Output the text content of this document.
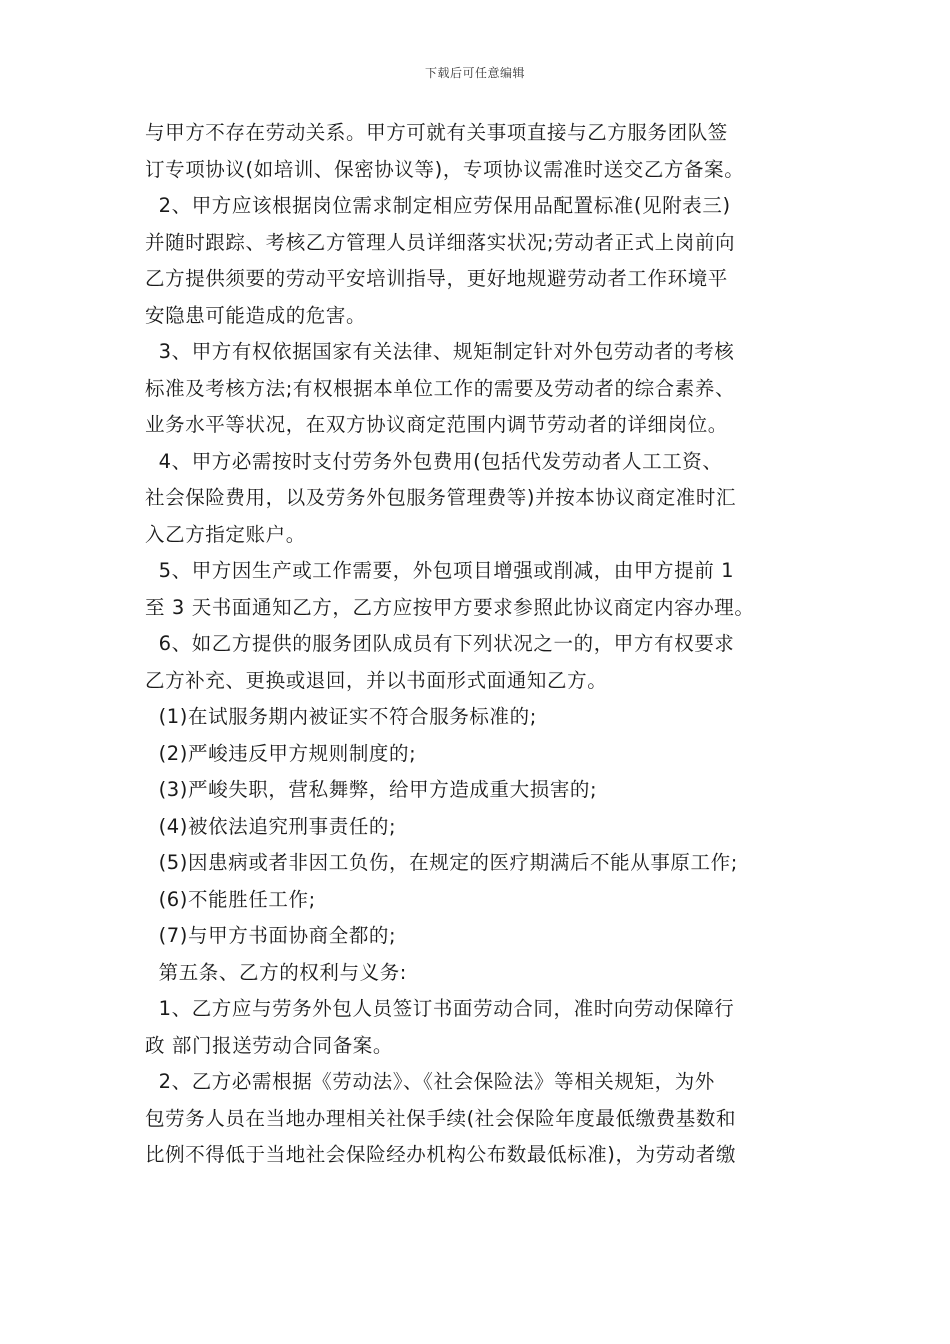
下载后可任意编辑
与甲方不存在劳动关系。甲方可就有关事项直接与乙方服务团队签
订专项协议(如培训、保密协议等)，专项协议需准时送交乙方备案。
2、甲方应该根据岗位需求制定相应劳保用品配置标准(见附表三)
并随时跟踪、考核乙方管理人员详细落实状况;劳动者正式上岗前向
乙方提供须要的劳动平安培训指导，更好地规避劳动者工作环境平
安隐患可能造成的危害。
3、甲方有权依据国家有关法律、规矩制定针对外包劳动者的考核
标准及考核方法;有权根据本单位工作的需要及劳动者的综合素养、
业务水平等状况，在双方协议商定范围内调节劳动者的详细岗位。
4、甲方必需按时支付劳务外包费用(包括代发劳动者人工工资、
社会保险费用，以及劳务外包服务管理费等)并按本协议商定准时汇
入乙方指定账户。
5、甲方因生产或工作需要，外包项目增强或削减，由甲方提前 1
至 3 天书面通知乙方，乙方应按甲方要求参照此协议商定内容办理。
6、如乙方提供的服务团队成员有下列状况之一的，甲方有权要求
乙方补充、更换或退回，并以书面形式面通知乙方。
(1)在试服务期内被证实不符合服务标准的;
(2)严峻违反甲方规则制度的;
(3)严峻失职，营私舞弊，给甲方造成重大损害的;
(4)被依法追究刑事责任的;
(5)因患病或者非因工负伤，在规定的医疗期满后不能从事原工作;
(6)不能胜任工作;
(7)与甲方书面协商全都的;
第五条、乙方的权利与义务:
1、乙方应与劳务外包人员签订书面劳动合同，准时向劳动保障行
政 部门报送劳动合同备案。
2、乙方必需根据《劳动法》、《社会保险法》等相关规矩，为外
包劳务人员在当地办理相关社保手续(社会保险年度最低缴费基数和
比例不得低于当地社会保险经办机构公布数最低标准)，为劳动者缴
